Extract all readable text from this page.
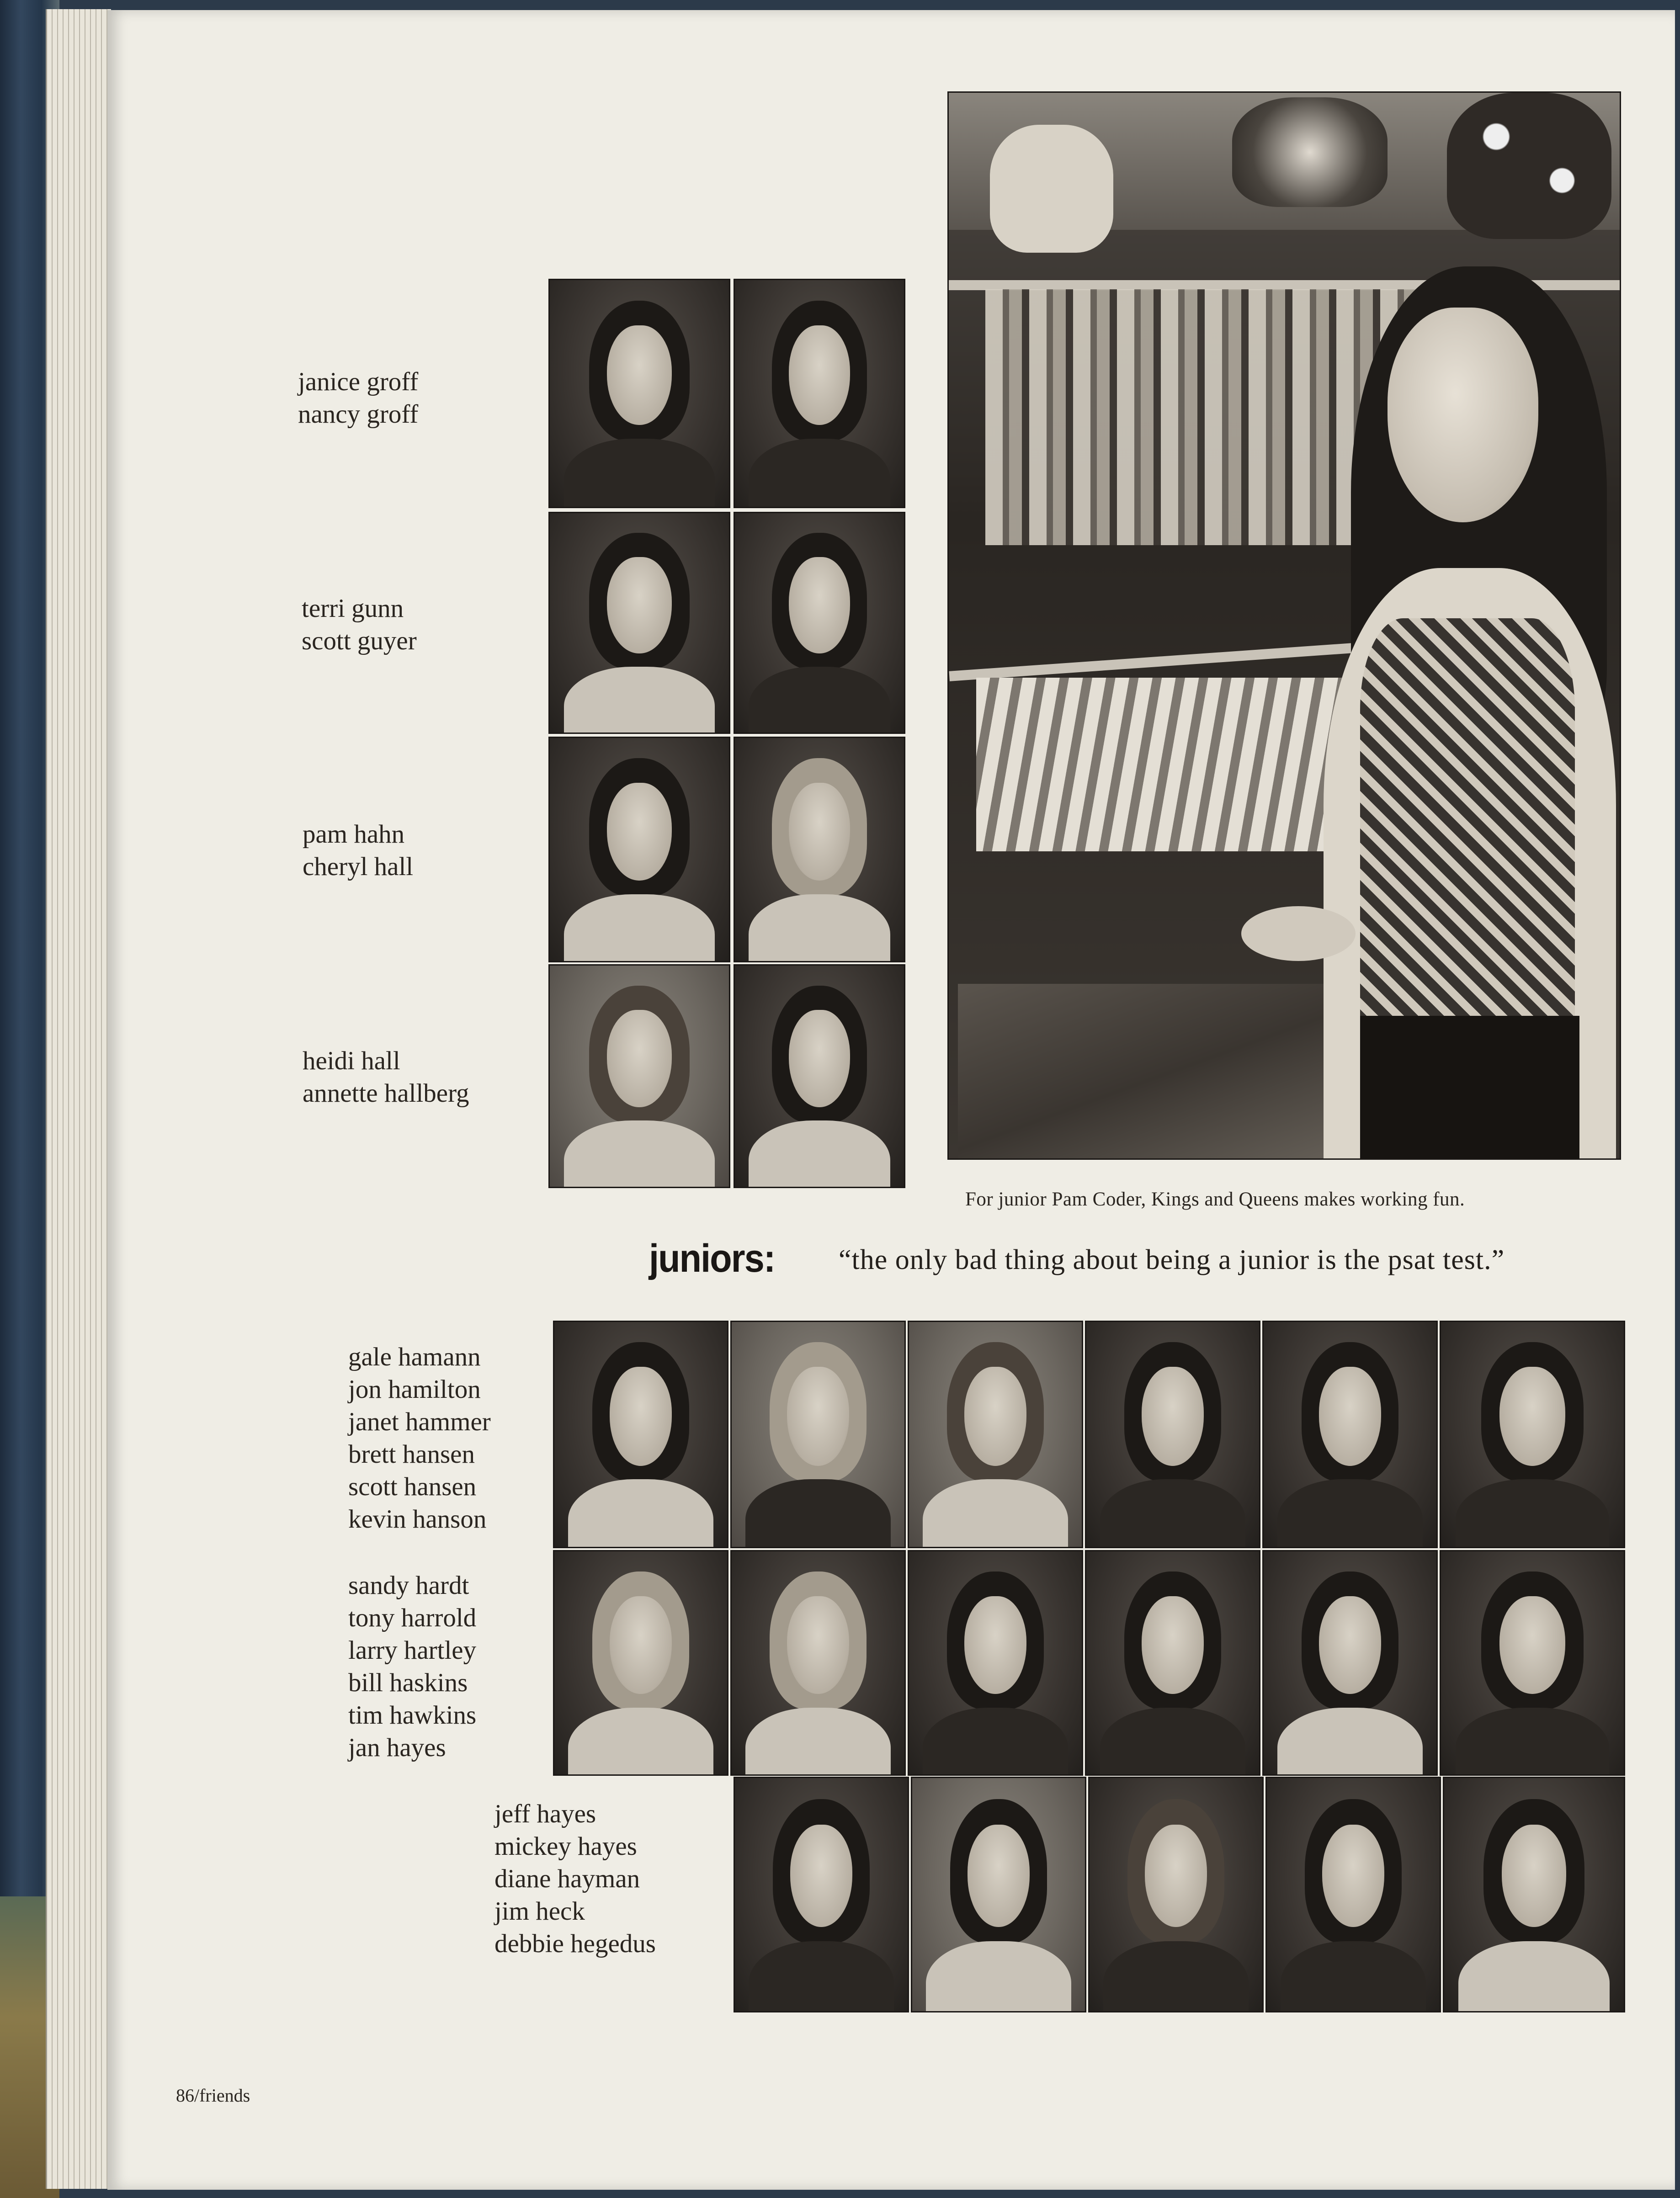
janice groff
nancy groff
terri gunn
scott guyer
pam hahn
cheryl hall
heidi hall
annette hallberg
For junior Pam Coder, Kings and Queens makes working fun.
juniors: “the only bad thing about being a junior is the psat test.”
gale hamann
jon hamilton
janet hammer
brett hansen
scott hansen
kevin hanson
sandy hardt
tony harrold
larry hartley
bill haskins
tim hawkins
jan hayes
jeff hayes
mickey hayes
diane hayman
jim heck
debbie hegedus
86/friends
